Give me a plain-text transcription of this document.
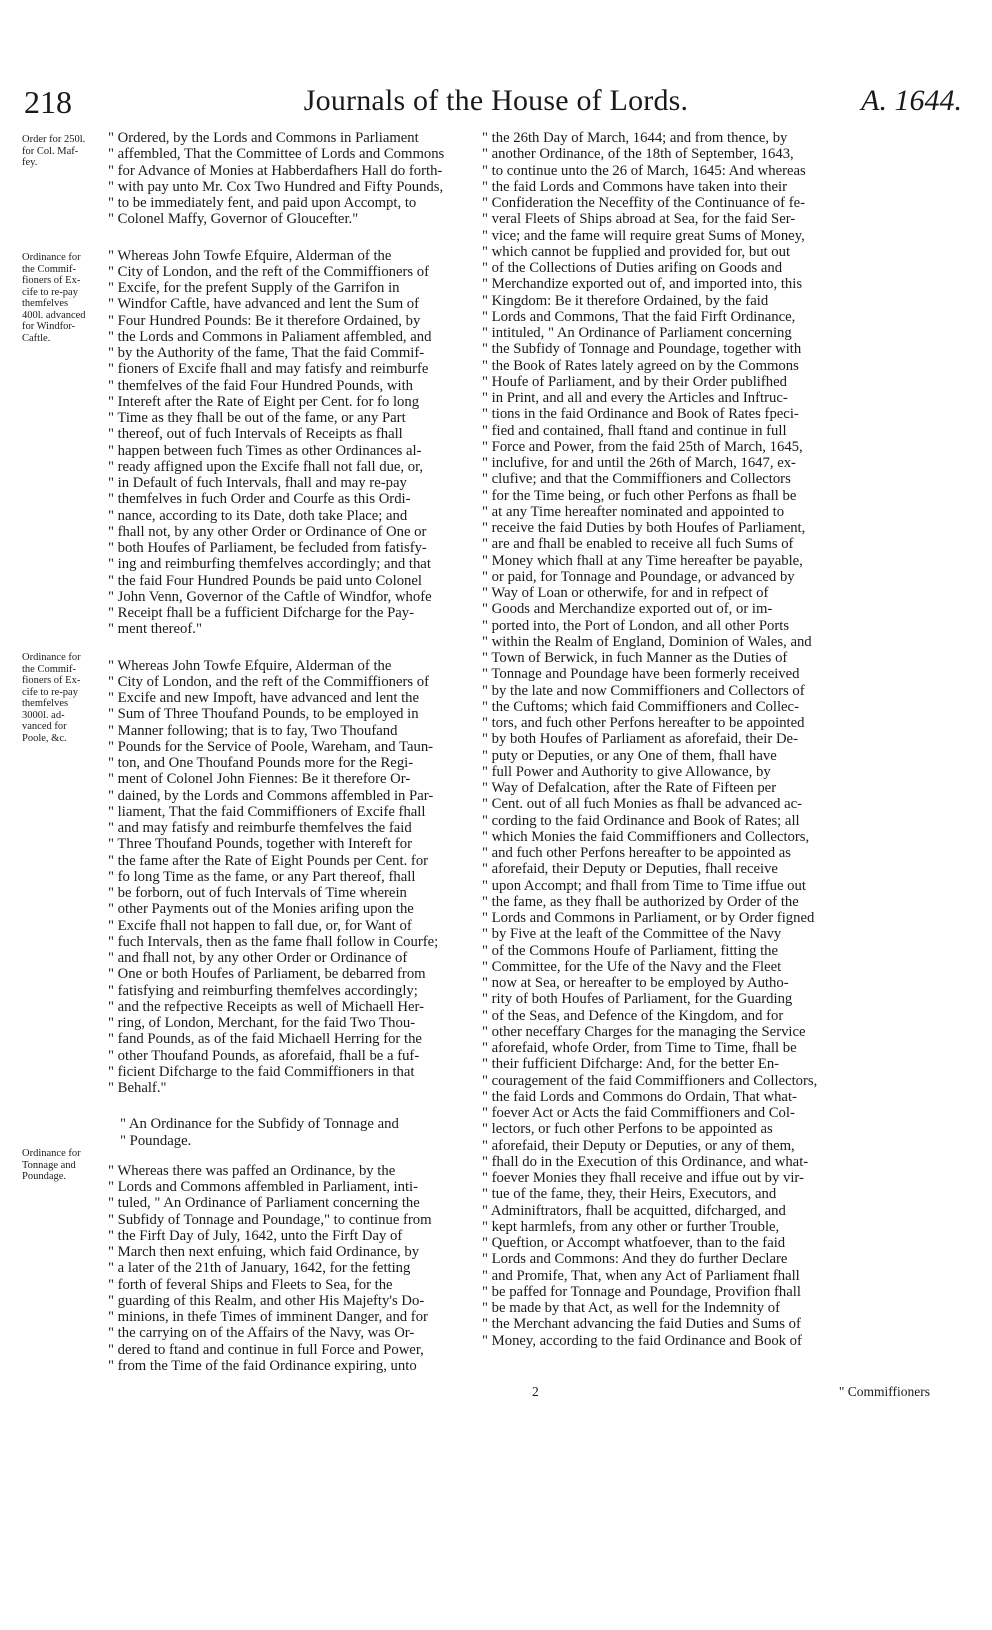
218	Journals of the House of Lords.	A. 1644.

Order for 250l.

for Col. Maf-

fey.

Ordinance for

the Commif-

fioners of Ex-

cife to re-pay

themfelves

400l. advanced

for Windfor-

Caftle.

Ordinance for

the Commif-

fioners of Ex-

cife to re-pay

themfelves

3000l. ad-

vanced for

Poole, &c.

Ordinance for

Tonnage and

Poundage.

" Ordered, by the Lords and Commons in Parliament

" affembled, That the Committee of Lords and Commons

" for Advance of Monies at Habberdafhers Hall do forth-

" with pay unto Mr. Cox Two Hundred and Fifty Pounds,

" to be immediately fent, and paid upon Accompt, to

" Colonel Maffy, Governor of Gloucefter."

" Whereas John Towfe Efquire, Alderman of the

" City of London, and the reft of the Commiffioners of

" Excife, for the prefent Supply of the Garrifon in

" Windfor Caftle, have advanced and lent the Sum of

" Four Hundred Pounds: Be it therefore Ordained, by

" the Lords and Commons in Paliament affembled, and

" by the Authority of the fame, That the faid Commif-

" fioners of Excife fhall and may fatisfy and reimburfe

" themfelves of the faid Four Hundred Pounds, with

" Intereft after the Rate of Eight per Cent. for fo long

" Time as they fhall be out of the fame, or any Part

" thereof, out of fuch Intervals of Receipts as fhall

" happen between fuch Times as other Ordinances al-

" ready affigned upon the Excife fhall not fall due, or,

" in Default of fuch Intervals, fhall and may re-pay

" themfelves in fuch Order and Courfe as this Ordi-

" nance, according to its Date, doth take Place; and

" fhall not, by any other Order or Ordinance of One or

" both Houfes of Parliament, be fecluded from fatisfy-

" ing and reimburfing themfelves accordingly; and that

" the faid Four Hundred Pounds be paid unto Colonel

" John Venn, Governor of the Caftle of Windfor, whofe

" Receipt fhall be a fufficient Difcharge for the Pay-

" ment thereof."

" Whereas John Towfe Efquire, Alderman of the

" City of London, and the reft of the Commiffioners of

" Excife and new Impoft, have advanced and lent the

" Sum of Three Thoufand Pounds, to be employed in

" Manner following; that is to fay, Two Thoufand

" Pounds for the Service of Poole, Wareham, and Taun-

" ton, and One Thoufand Pounds more for the Regi-

" ment of Colonel John Fiennes: Be it therefore Or-

" dained, by the Lords and Commons affembled in Par-

" liament, That the faid Commiffioners of Excife fhall

" and may fatisfy and reimburfe themfelves the faid

" Three Thoufand Pounds, together with Intereft for

" the fame after the Rate of Eight Pounds per Cent. for

" fo long Time as the fame, or any Part thereof, fhall

" be forborn, out of fuch Intervals of Time wherein

" other Payments out of the Monies arifing upon the

" Excife fhall not happen to fall due, or, for Want of

" fuch Intervals, then as the fame fhall follow in Courfe;

" and fhall not, by any other Order or Ordinance of

" One or both Houfes of Parliament, be debarred from

" fatisfying and reimburfing themfelves accordingly;

" and the refpective Receipts as well of Michaell Her-

" ring, of London, Merchant, for the faid Two Thou-

" fand Pounds, as of the faid Michaell Herring for the

" other Thoufand Pounds, as aforefaid, fhall be a fuf-

" ficient Difcharge to the faid Commiffioners in that

" Behalf."

" An Ordinance for the Subfidy of Tonnage and

" Poundage.

" Whereas there was paffed an Ordinance, by the

" Lords and Commons affembled in Parliament, inti-

" tuled, " An Ordinance of Parliament concerning the

" Subfidy of Tonnage and Poundage," to continue from

" the Firft Day of July, 1642, unto the Firft Day of

" March then next enfuing, which faid Ordinance, by

" a later of the 21th of January, 1642, for the fetting

" forth of feveral Ships and Fleets to Sea, for the

" guarding of this Realm, and other His Majefty's Do-

" minions, in thefe Times of imminent Danger, and for

" the carrying on of the Affairs of the Navy, was Or-

" dered to ftand and continue in full Force and Power,

" from the Time of the faid Ordinance expiring, unto

" the 26th Day of March, 1644; and from thence, by

" another Ordinance, of the 18th of September, 1643,

" to continue unto the 26 of March, 1645: And whereas

" the faid Lords and Commons have taken into their

" Confideration the Neceffity of the Continuance of fe-

" veral Fleets of Ships abroad at Sea, for the faid Ser-

" vice; and the fame will require great Sums of Money,

" which cannot be fupplied and provided for, but out

" of the Collections of Duties arifing on Goods and

" Merchandize exported out of, and imported into, this

" Kingdom: Be it therefore Ordained, by the faid

" Lords and Commons, That the faid Firft Ordinance,

" intituled, " An Ordinance of Parliament concerning

" the Subfidy of Tonnage and Poundage, together with

" the Book of Rates lately agreed on by the Commons

" Houfe of Parliament, and by their Order publifhed

" in Print, and all and every the Articles and Inftruc-

" tions in the faid Ordinance and Book of Rates fpeci-

" fied and contained, fhall ftand and continue in full

" Force and Power, from the faid 25th of March, 1645,

" inclufive, for and until the 26th of March, 1647, ex-

" clufive; and that the Commiffioners and Collectors

" for the Time being, or fuch other Perfons as fhall be

" at any Time hereafter nominated and appointed to

" receive the faid Duties by both Houfes of Parliament,

" are and fhall be enabled to receive all fuch Sums of

" Money which fhall at any Time hereafter be payable,

" or paid, for Tonnage and Poundage, or advanced by

" Way of Loan or otherwife, for and in refpect of

" Goods and Merchandize exported out of, or im-

" ported into, the Port of London, and all other Ports

" within the Realm of England, Dominion of Wales, and

" Town of Berwick, in fuch Manner as the Duties of

" Tonnage and Poundage have been formerly received

" by the late and now Commiffioners and Collectors of

" the Cuftoms; which faid Commiffioners and Collec-

" tors, and fuch other Perfons hereafter to be appointed

" by both Houfes of Parliament as aforefaid, their De-

" puty or Deputies, or any One of them, fhall have

" full Power and Authority to give Allowance, by

" Way of Defalcation, after the Rate of Fifteen per

" Cent. out of all fuch Monies as fhall be advanced ac-

" cording to the faid Ordinance and Book of Rates; all

" which Monies the faid Commiffioners and Collectors,

" and fuch other Perfons hereafter to be appointed as

" aforefaid, their Deputy or Deputies, fhall receive

" upon Accompt; and fhall from Time to Time iffue out

" the fame, as they fhall be authorized by Order of the

" Lords and Commons in Parliament, or by Order figned

" by Five at the leaft of the Committee of the Navy

" of the Commons Houfe of Parliament, fitting the

" Committee, for the Ufe of the Navy and the Fleet

" now at Sea, or hereafter to be employed by Autho-

" rity of both Houfes of Parliament, for the Guarding

" of the Seas, and Defence of the Kingdom, and for

" other neceffary Charges for the managing the Service

" aforefaid, whofe Order, from Time to Time, fhall be

" their fufficient Difcharge: And, for the better En-

" couragement of the faid Commiffioners and Collectors,

" the faid Lords and Commons do Ordain, That what-

" foever Act or Acts the faid Commiffioners and Col-

" lectors, or fuch other Perfons to be appointed as

" aforefaid, their Deputy or Deputies, or any of them,

" fhall do in the Execution of this Ordinance, and what-

" foever Monies they fhall receive and iffue out by vir-

" tue of the fame, they, their Heirs, Executors, and

" Adminiftrators, fhall be acquitted, difcharged, and

" kept harmlefs, from any other or further Trouble,

" Queftion, or Accompt whatfoever, than to the faid

" Lords and Commons: And they do further Declare

" and Promife, That, when any Act of Parliament fhall

" be paffed for Tonnage and Poundage, Provifion fhall

" be made by that Act, as well for the Indemnity of

" the Merchant advancing the faid Duties and Sums of

" Money, according to the faid Ordinance and Book of

2	" Commiffioners
